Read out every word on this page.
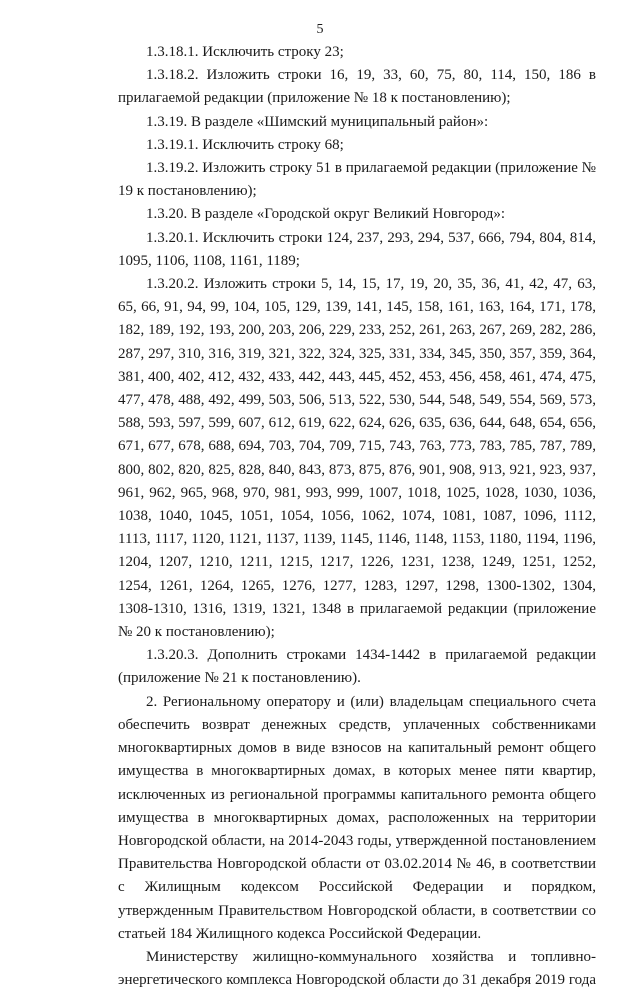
5

1.3.18.1. Исключить строку 23;

1.3.18.2. Изложить строки 16, 19, 33, 60, 75, 80, 114, 150, 186 в прилагаемой редакции (приложение № 18 к постановлению);

1.3.19. В разделе «Шимский муниципальный район»:

1.3.19.1. Исключить строку 68;

1.3.19.2. Изложить строку 51 в прилагаемой редакции (приложение № 19 к постановлению);

1.3.20. В разделе «Городской округ Великий Новгород»:

1.3.20.1. Исключить строки 124, 237, 293, 294, 537, 666, 794, 804, 814, 1095, 1106, 1108, 1161, 1189;

1.3.20.2. Изложить строки 5, 14, 15, 17, 19, 20, 35, 36, 41, 42, 47, 63, 65, 66, 91, 94, 99, 104, 105, 129, 139, 141, 145, 158, 161, 163, 164, 171, 178, 182, 189, 192, 193, 200, 203, 206, 229, 233, 252, 261, 263, 267, 269, 282, 286, 287, 297, 310, 316, 319, 321, 322, 324, 325, 331, 334, 345, 350, 357, 359, 364, 381, 400, 402, 412, 432, 433, 442, 443, 445, 452, 453, 456, 458, 461, 474, 475, 477, 478, 488, 492, 499, 503, 506, 513, 522, 530, 544, 548, 549, 554, 569, 573, 588, 593, 597, 599, 607, 612, 619, 622, 624, 626, 635, 636, 644, 648, 654, 656, 671, 677, 678, 688, 694, 703, 704, 709, 715, 743, 763, 773, 783, 785, 787, 789, 800, 802, 820, 825, 828, 840, 843, 873, 875, 876, 901, 908, 913, 921, 923, 937, 961, 962, 965, 968, 970, 981, 993, 999, 1007, 1018, 1025, 1028, 1030, 1036, 1038, 1040, 1045, 1051, 1054, 1056, 1062, 1074, 1081, 1087, 1096, 1112, 1113, 1117, 1120, 1121, 1137, 1139, 1145, 1146, 1148, 1153, 1180, 1194, 1196, 1204, 1207, 1210, 1211, 1215, 1217, 1226, 1231, 1238, 1249, 1251, 1252, 1254, 1261, 1264, 1265, 1276, 1277, 1283, 1297, 1298, 1300-1302, 1304, 1308-1310, 1316, 1319, 1321, 1348 в прилагаемой редакции (приложение № 20 к постановлению);

1.3.20.3. Дополнить строками 1434-1442 в прилагаемой редакции (приложение № 21 к постановлению).

2. Региональному оператору и (или) владельцам специального счета обеспечить возврат денежных средств, уплаченных собственниками многоквартирных домов в виде взносов на капитальный ремонт общего имущества в многоквартирных домах, в которых менее пяти квартир, исключенных из региональной программы капитального ремонта общего имущества в многоквартирных домах, расположенных на территории Новгородской области, на 2014-2043 годы, утвержденной постановлением Правительства Новгородской области от 03.02.2014 № 46, в соответствии с Жилищным кодексом Российской Федерации и порядком, утвержденным Правительством Новгородской области, в соответствии со статьей 184 Жилищного кодекса Российской Федерации.

Министерству жилищно-коммунального хозяйства и топливно-энергетического комплекса Новгородской области до 31 декабря 2019 года
